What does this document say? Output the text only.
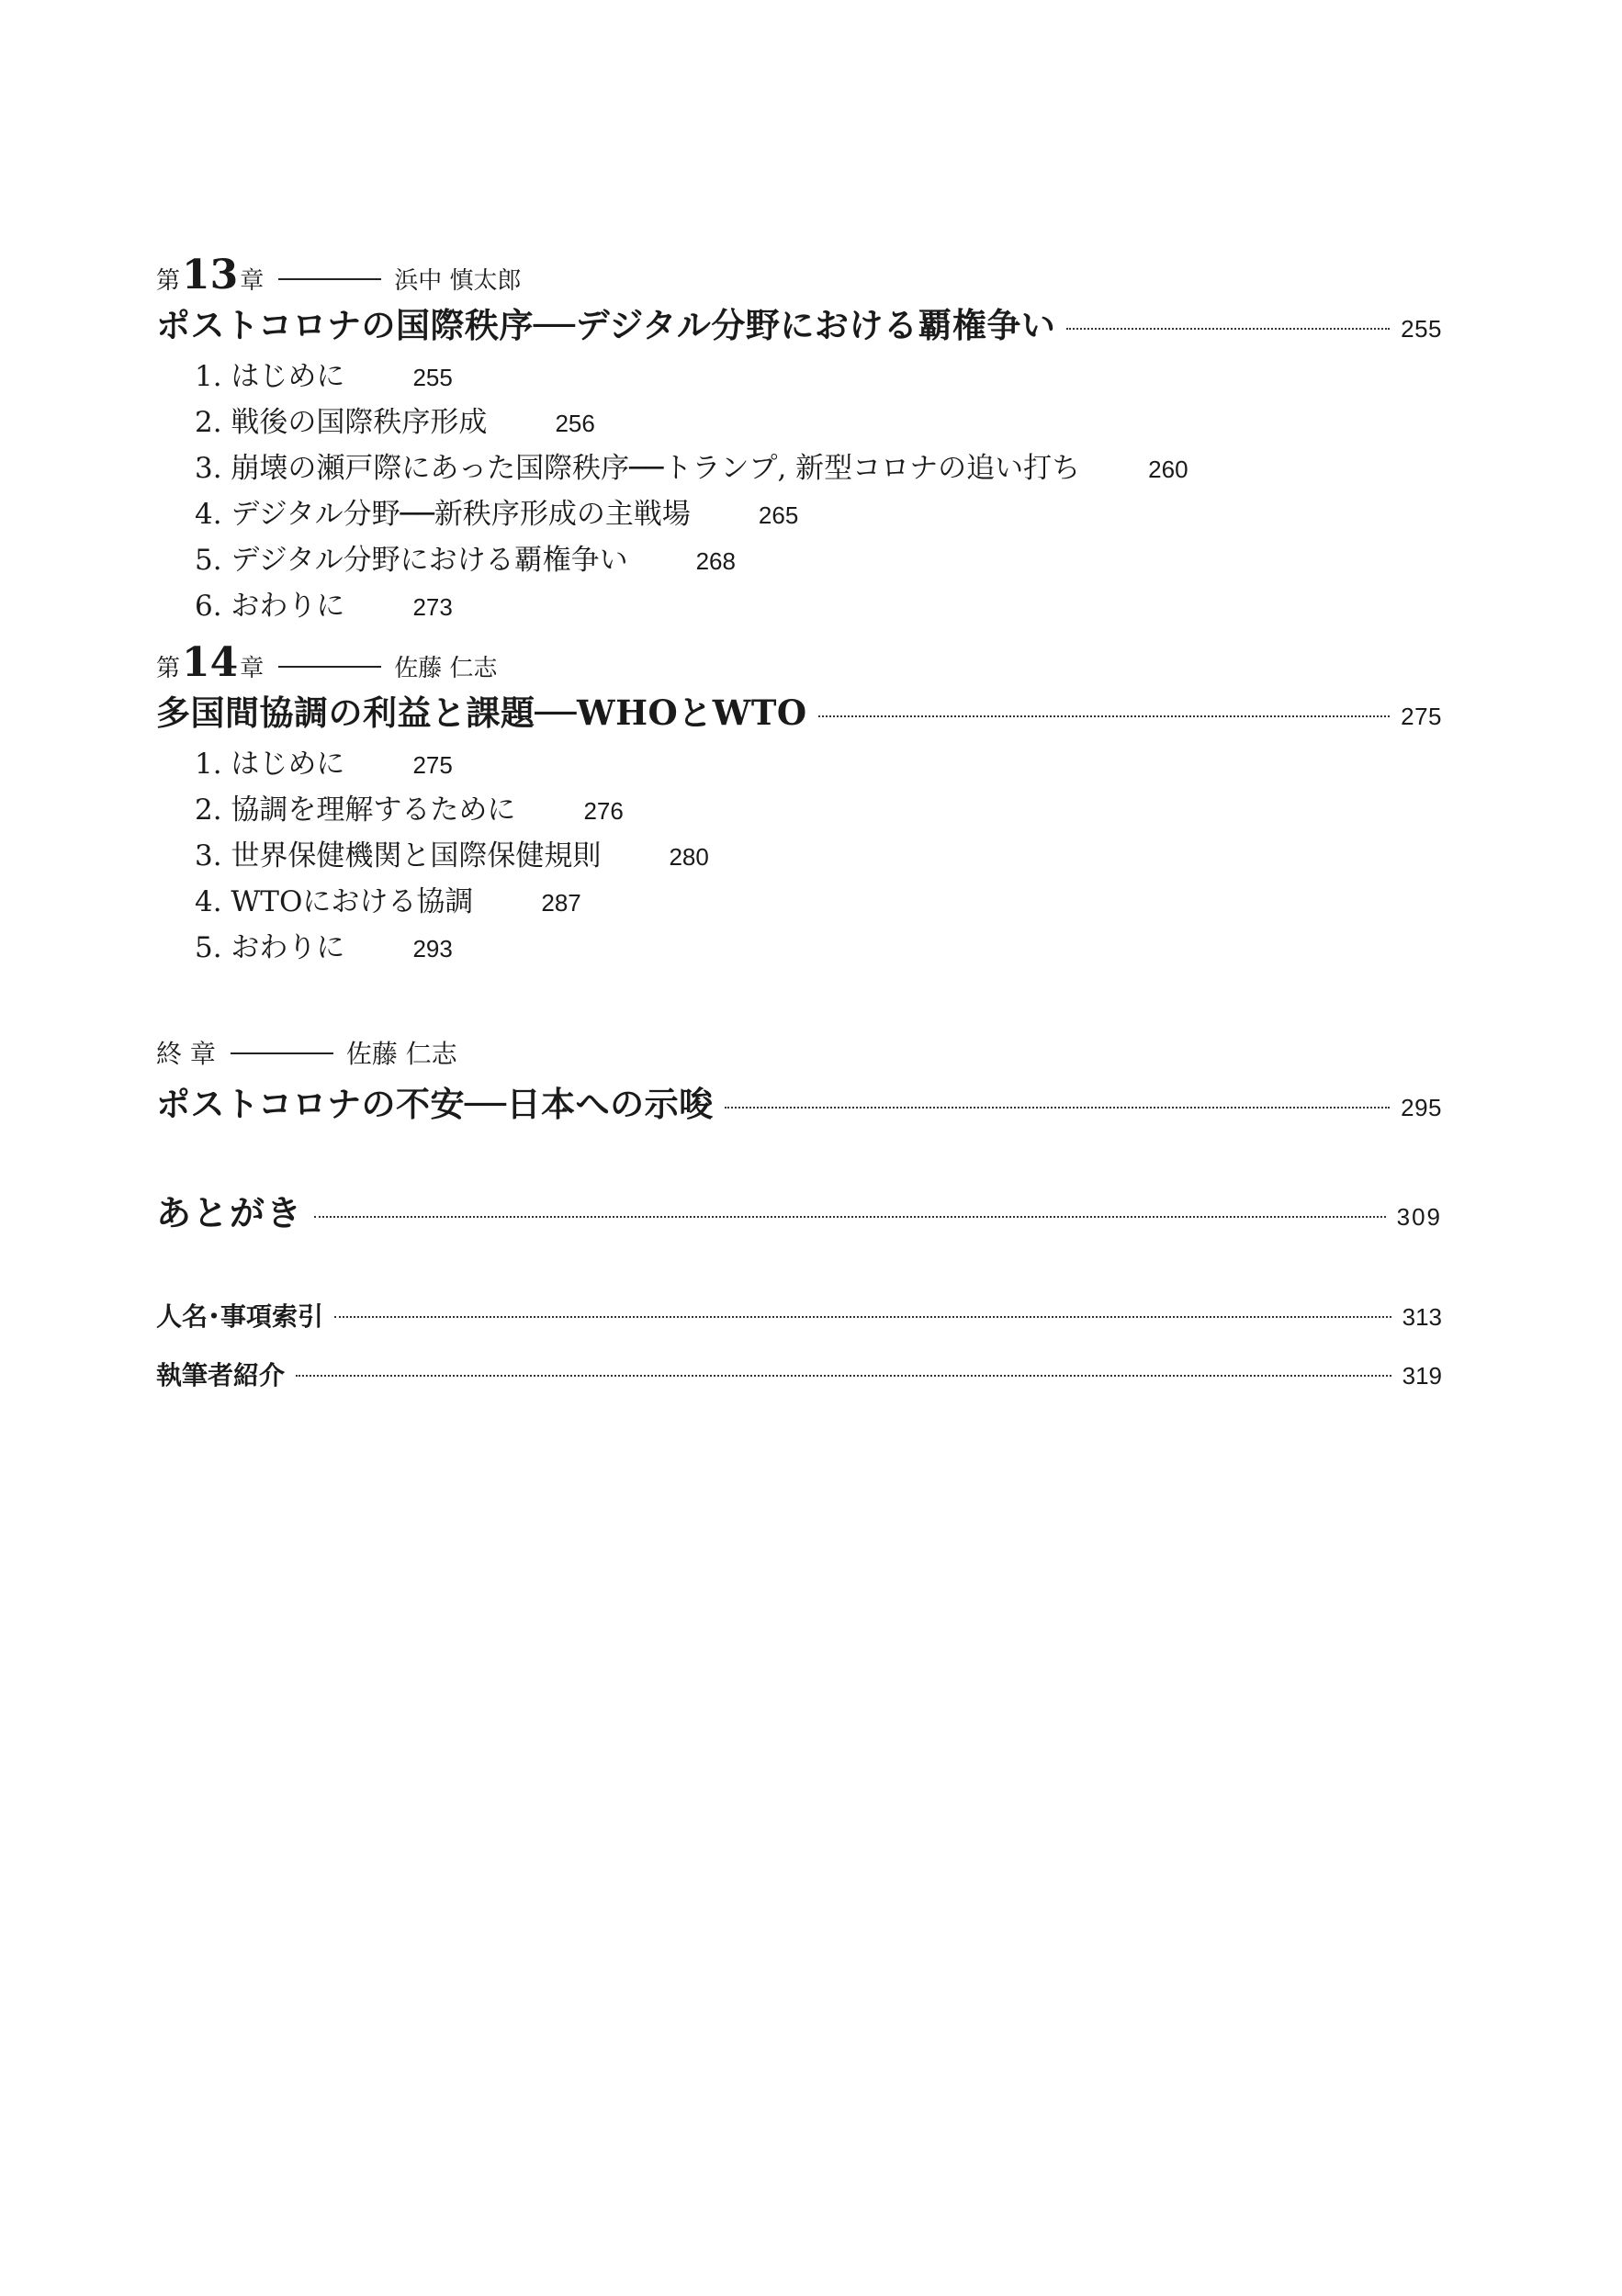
第 13 章	浜中 慎太郎
ポストコロナの国際秩序──デジタル分野における覇権争い	255
1. はじめに	255
2. 戦後の国際秩序形成	256
3. 崩壊の瀬戸際にあった国際秩序──トランプ, 新型コロナの追い打ち	260
4. デジタル分野──新秩序形成の主戦場	265
5. デジタル分野における覇権争い	268
6. おわりに	273
第 14 章	佐藤 仁志
多国間協調の利益と課題──WHOとWTO	275
1. はじめに	275
2. 協調を理解するために	276
3. 世界保健機関と国際保健規則	280
4. WTOにおける協調	287
5. おわりに	293
終 章	佐藤 仁志
ポストコロナの不安──日本への示唆	295
あとがき	309
人名･事項索引	313
執筆者紹介	319
